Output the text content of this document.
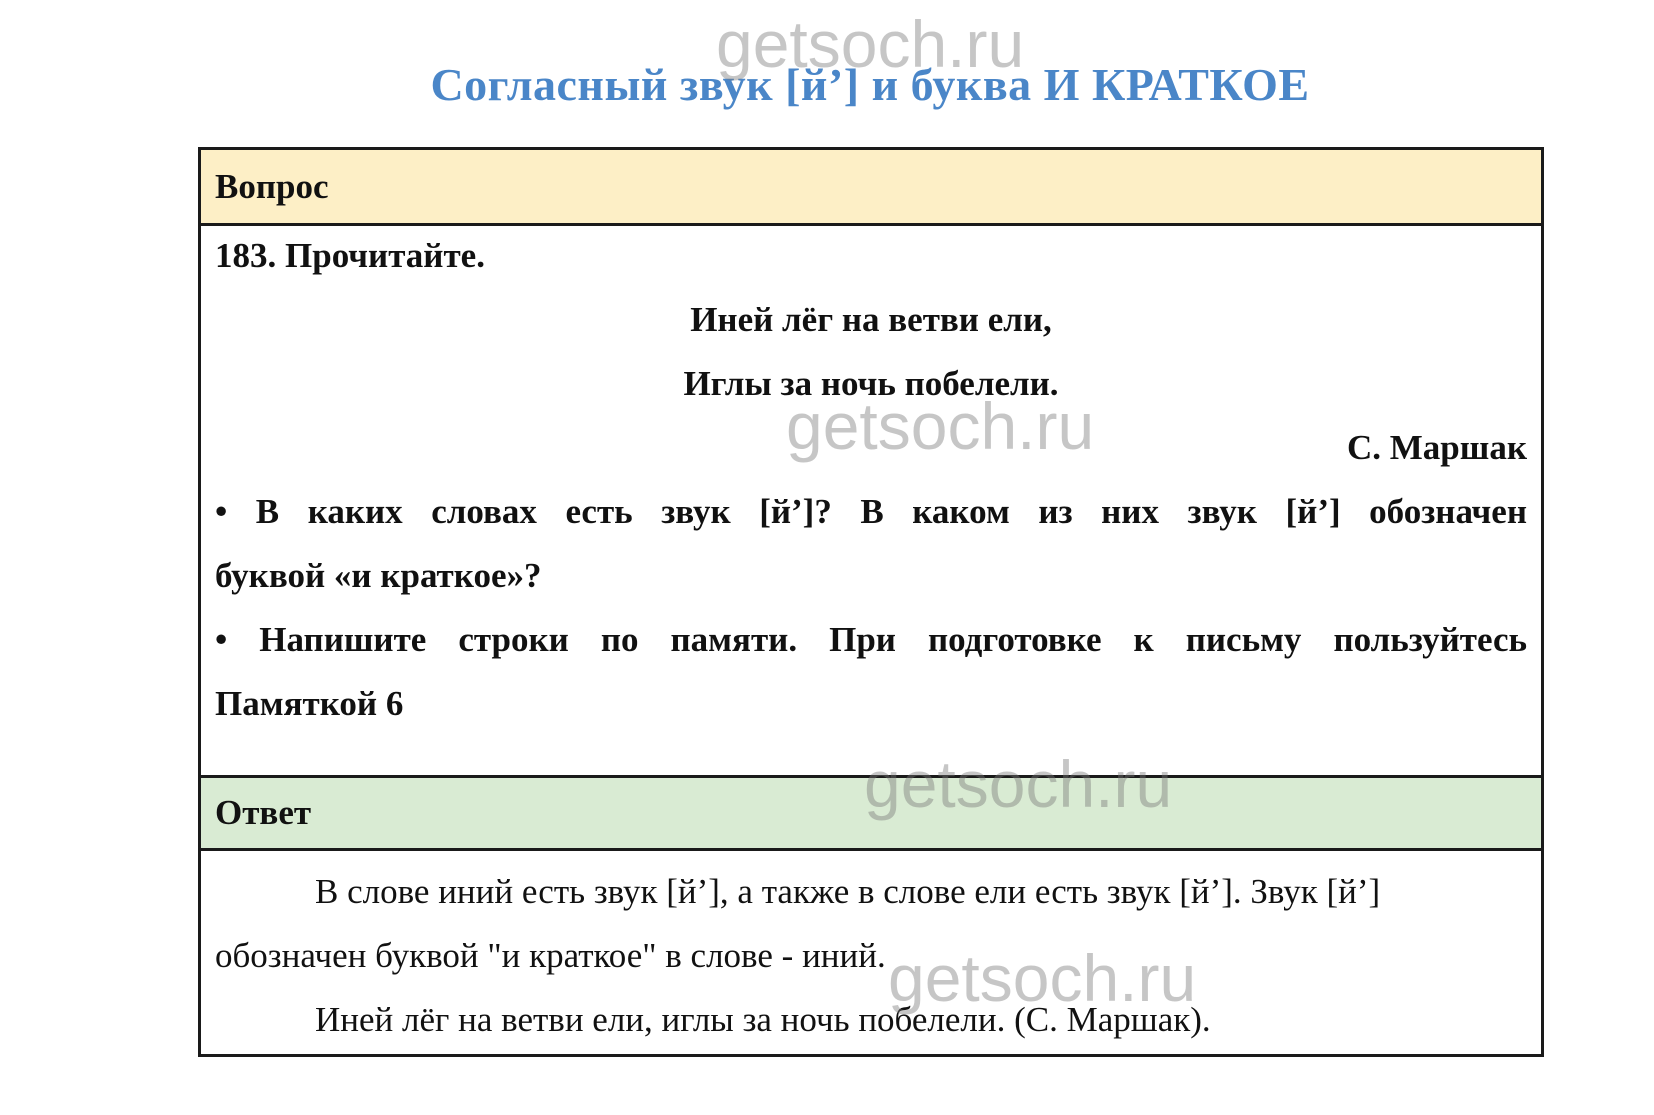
Согласный звук [й’] и буква И КРАТКОЕ
Вопрос
183. Прочитайте.
Иней лёг на ветви ели,
Иглы за ночь побелели.
С. Маршак
• В каких словах есть звук [й’]? В каком из них звук [й’] обозначен
буквой «и краткое»?
• Напишите строки по памяти. При подготовке к письму пользуйтесь
Памяткой 6
Ответ
В слове иний есть звук [й’], а также в слове ели есть звук [й’]. Звук [й’]
обозначен буквой "и краткое" в слове - иний.
Иней лёг на ветви ели, иглы за ночь побелели. (С. Маршак).
getsoch.ru
getsoch.ru
getsoch.ru
getsoch.ru
